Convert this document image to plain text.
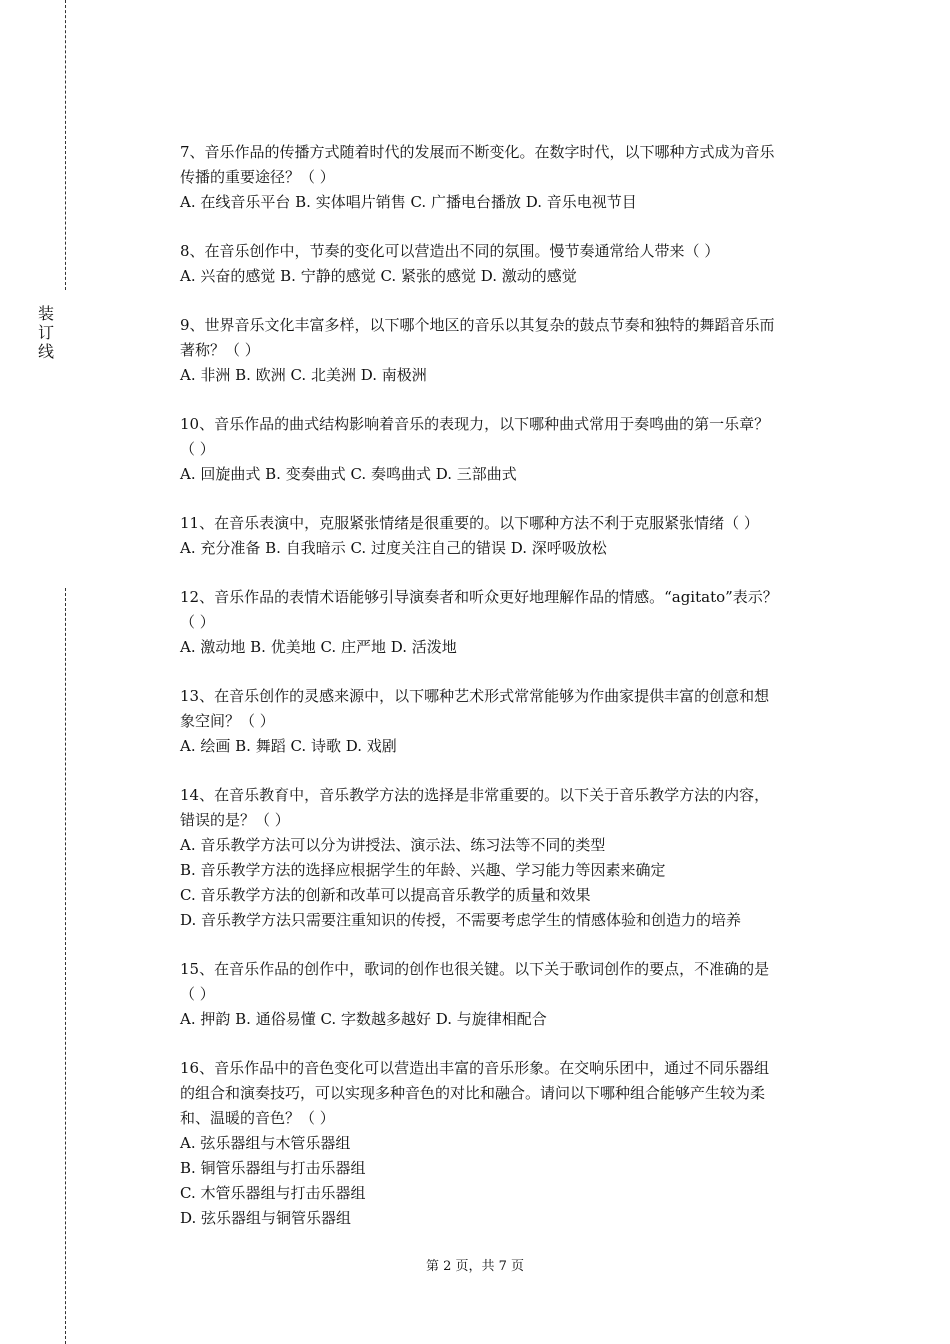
装
订
线
7、音乐作品的传播方式随着时代的发展而不断变化。在数字时代，以下哪种方式成为音乐
传播的重要途径？（ ）
A. 在线音乐平台 B. 实体唱片销售 C. 广播电台播放 D. 音乐电视节目
8、在音乐创作中，节奏的变化可以营造出不同的氛围。慢节奏通常给人带来（ ）
A. 兴奋的感觉 B. 宁静的感觉 C. 紧张的感觉 D. 激动的感觉
9、世界音乐文化丰富多样，以下哪个地区的音乐以其复杂的鼓点节奏和独特的舞蹈音乐而
著称？（ ）
A. 非洲 B. 欧洲 C. 北美洲 D. 南极洲
10、音乐作品的曲式结构影响着音乐的表现力，以下哪种曲式常用于奏鸣曲的第一乐章？
（ ）
A. 回旋曲式 B. 变奏曲式 C. 奏鸣曲式 D. 三部曲式
11、在音乐表演中，克服紧张情绪是很重要的。以下哪种方法不利于克服紧张情绪（ ）
A. 充分准备 B. 自我暗示 C. 过度关注自己的错误 D. 深呼吸放松
12、音乐作品的表情术语能够引导演奏者和听众更好地理解作品的情感。“agitato”表示？
（ ）
A. 激动地 B. 优美地 C. 庄严地 D. 活泼地
13、在音乐创作的灵感来源中，以下哪种艺术形式常常能够为作曲家提供丰富的创意和想
象空间？（ ）
A. 绘画 B. 舞蹈 C. 诗歌 D. 戏剧
14、在音乐教育中，音乐教学方法的选择是非常重要的。以下关于音乐教学方法的内容，
错误的是？（ ）
A. 音乐教学方法可以分为讲授法、演示法、练习法等不同的类型
B. 音乐教学方法的选择应根据学生的年龄、兴趣、学习能力等因素来确定
C. 音乐教学方法的创新和改革可以提高音乐教学的质量和效果
D. 音乐教学方法只需要注重知识的传授，不需要考虑学生的情感体验和创造力的培养
15、在音乐作品的创作中，歌词的创作也很关键。以下关于歌词创作的要点，不准确的是
（ ）
A. 押韵 B. 通俗易懂 C. 字数越多越好 D. 与旋律相配合
16、音乐作品中的音色变化可以营造出丰富的音乐形象。在交响乐团中，通过不同乐器组
的组合和演奏技巧，可以实现多种音色的对比和融合。请问以下哪种组合能够产生较为柔
和、温暖的音色？（ ）
A. 弦乐器组与木管乐器组
B. 铜管乐器组与打击乐器组
C. 木管乐器组与打击乐器组
D. 弦乐器组与铜管乐器组
第 2 页，共 7 页
